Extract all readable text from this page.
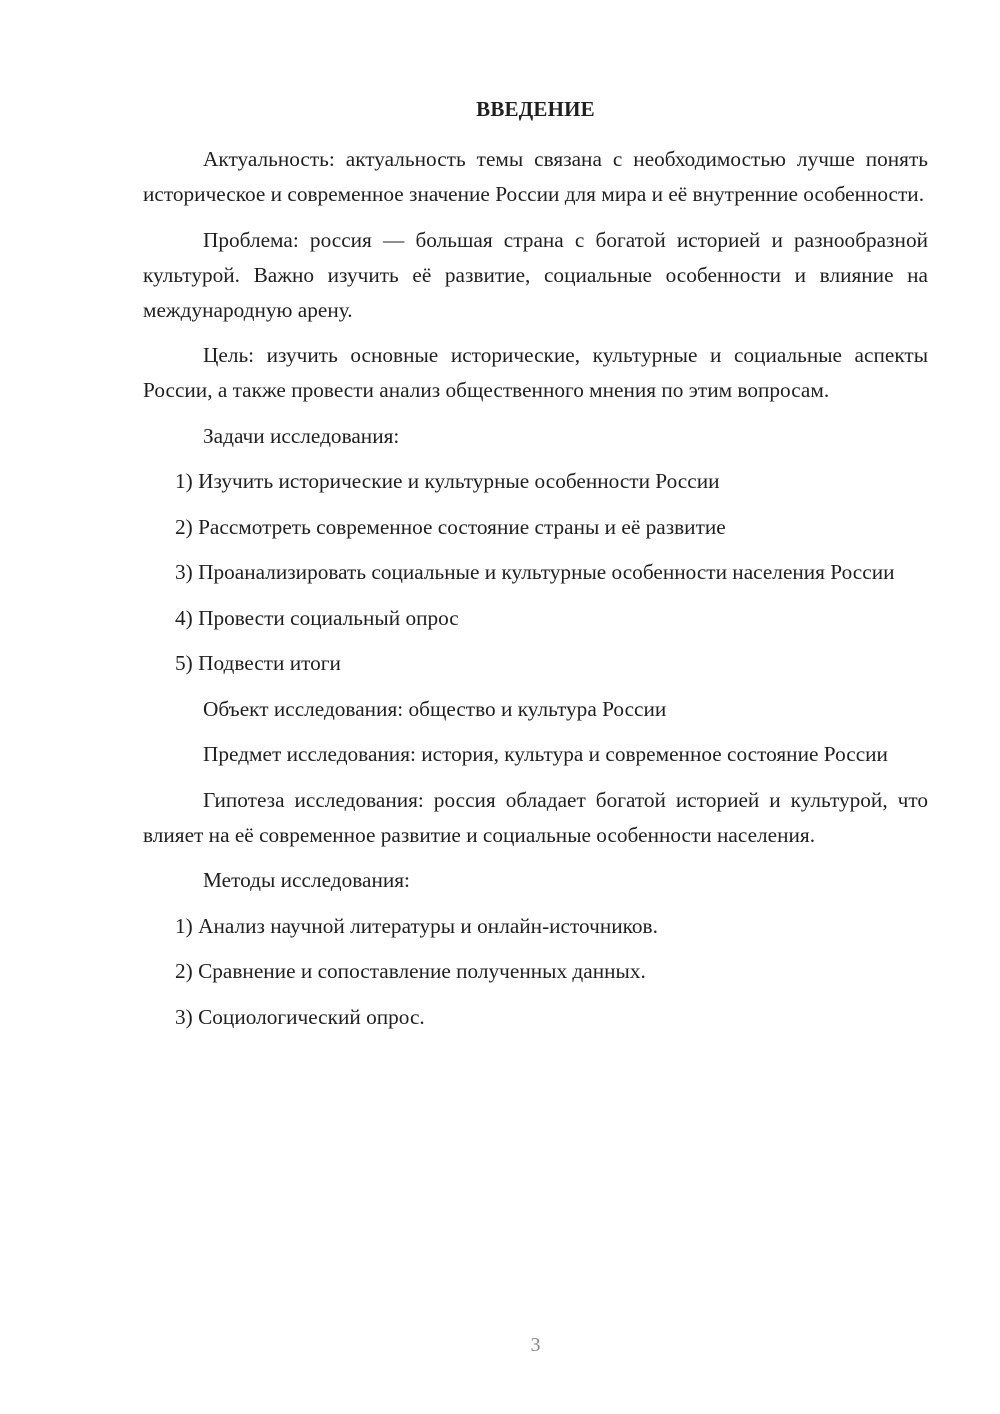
ВВЕДЕНИЕ

Актуальность: актуальность темы связана с необходимостью лучше понять историческое и современное значение России для мира и её внутренние особенности.

Проблема: россия — большая страна с богатой историей и разнообразной культурой. Важно изучить её развитие, социальные особенности и влияние на международную арену.

Цель: изучить основные исторические, культурные и социальные аспекты России, а также провести анализ общественного мнения по этим вопросам.

Задачи исследования:

1) Изучить исторические и культурные особенности России

2) Рассмотреть современное состояние страны и её развитие

3) Проанализировать социальные и культурные особенности населения России

4) Провести социальный опрос

5) Подвести итоги

Объект исследования: общество и культура России

Предмет исследования: история, культура и современное состояние России

Гипотеза исследования: россия обладает богатой историей и культурой, что влияет на её современное развитие и социальные особенности населения.

Методы исследования:

1) Анализ научной литературы и онлайн-источников.

2) Сравнение и сопоставление полученных данных.

3) Социологический опрос.

3
